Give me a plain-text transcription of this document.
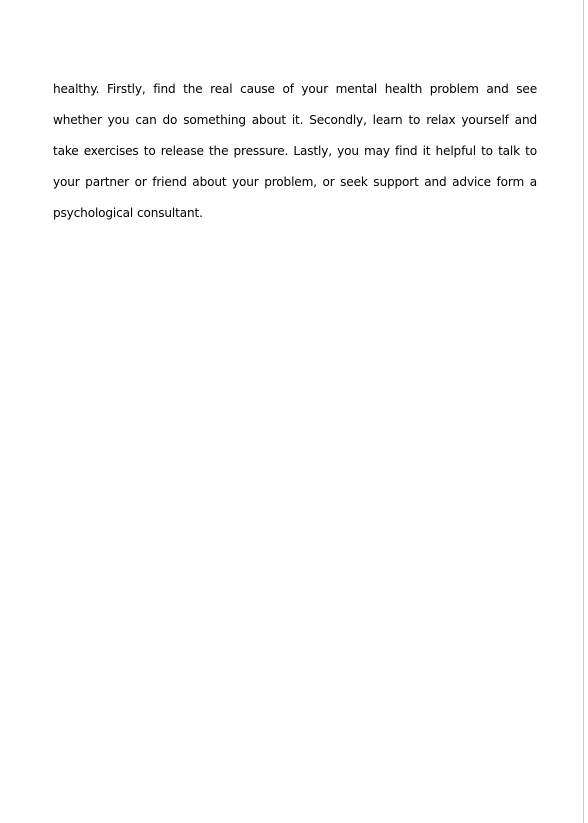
healthy. Firstly, find the real cause of your mental health problem and see whether you can do something about it. Secondly, learn to relax yourself and take exercises to release the pressure. Lastly, you may find it helpful to talk to your partner or friend about your problem, or seek support and advice form a psychological consultant.
